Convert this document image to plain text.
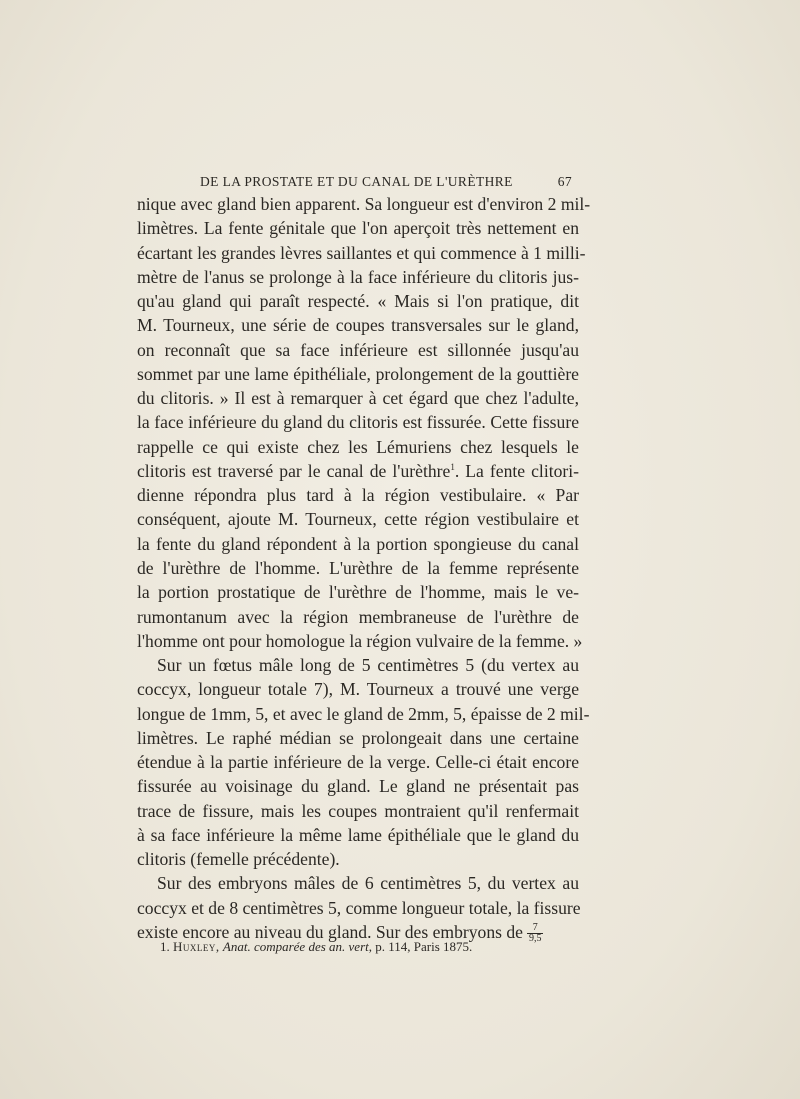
DE LA PROSTATE ET DU CANAL DE L'URÈTHRE	67
nique avec gland bien apparent. Sa longueur est d'environ 2 mil-
limètres. La fente génitale que l'on aperçoit très nettement en
écartant les grandes lèvres saillantes et qui commence à 1 milli-
mètre de l'anus se prolonge à la face inférieure du clitoris jus-
qu'au gland qui paraît respecté. « Mais si l'on pratique, dit
M. Tourneux, une série de coupes transversales sur le gland,
on reconnaît que sa face inférieure est sillonnée jusqu'au
sommet par une lame épithéliale, prolongement de la gouttière
du clitoris. » Il est à remarquer à cet égard que chez l'adulte,
la face inférieure du gland du clitoris est fissurée. Cette fissure
rappelle ce qui existe chez les Lémuriens chez lesquels le
clitoris est traversé par le canal de l'urèthre$^1$. La fente clitori-
dienne répondra plus tard à la région vestibulaire. « Par
conséquent, ajoute M. Tourneux, cette région vestibulaire et
la fente du gland répondent à la portion spongieuse du canal
de l'urèthre de l'homme. L'urèthre de la femme représente
la portion prostatique de l'urèthre de l'homme, mais le ve-
rumontanum avec la région membraneuse de l'urèthre de
l'homme ont pour homologue la région vulvaire de la femme. »
Sur un fœtus mâle long de 5 centimètres 5 (du vertex au
coccyx, longueur totale 7), M. Tourneux a trouvé une verge
longue de 1mm, 5, et avec le gland de 2mm, 5, épaisse de 2 mil-
limètres. Le raphé médian se prolongeait dans une certaine
étendue à la partie inférieure de la verge. Celle-ci était encore
fissurée au voisinage du gland. Le gland ne présentait pas
trace de fissure, mais les coupes montraient qu'il renfermait
à sa face inférieure la même lame épithéliale que le gland du
clitoris (femelle précédente).
Sur des embryons mâles de 6 centimètres 5, du vertex au
coccyx et de 8 centimètres 5, comme longueur totale, la fissure
existe encore au niveau du gland. Sur des embryons de $\frac{7}{9,5}$
1. Huxley, Anat. comparée des an. vert, p. 114, Paris 1875.
